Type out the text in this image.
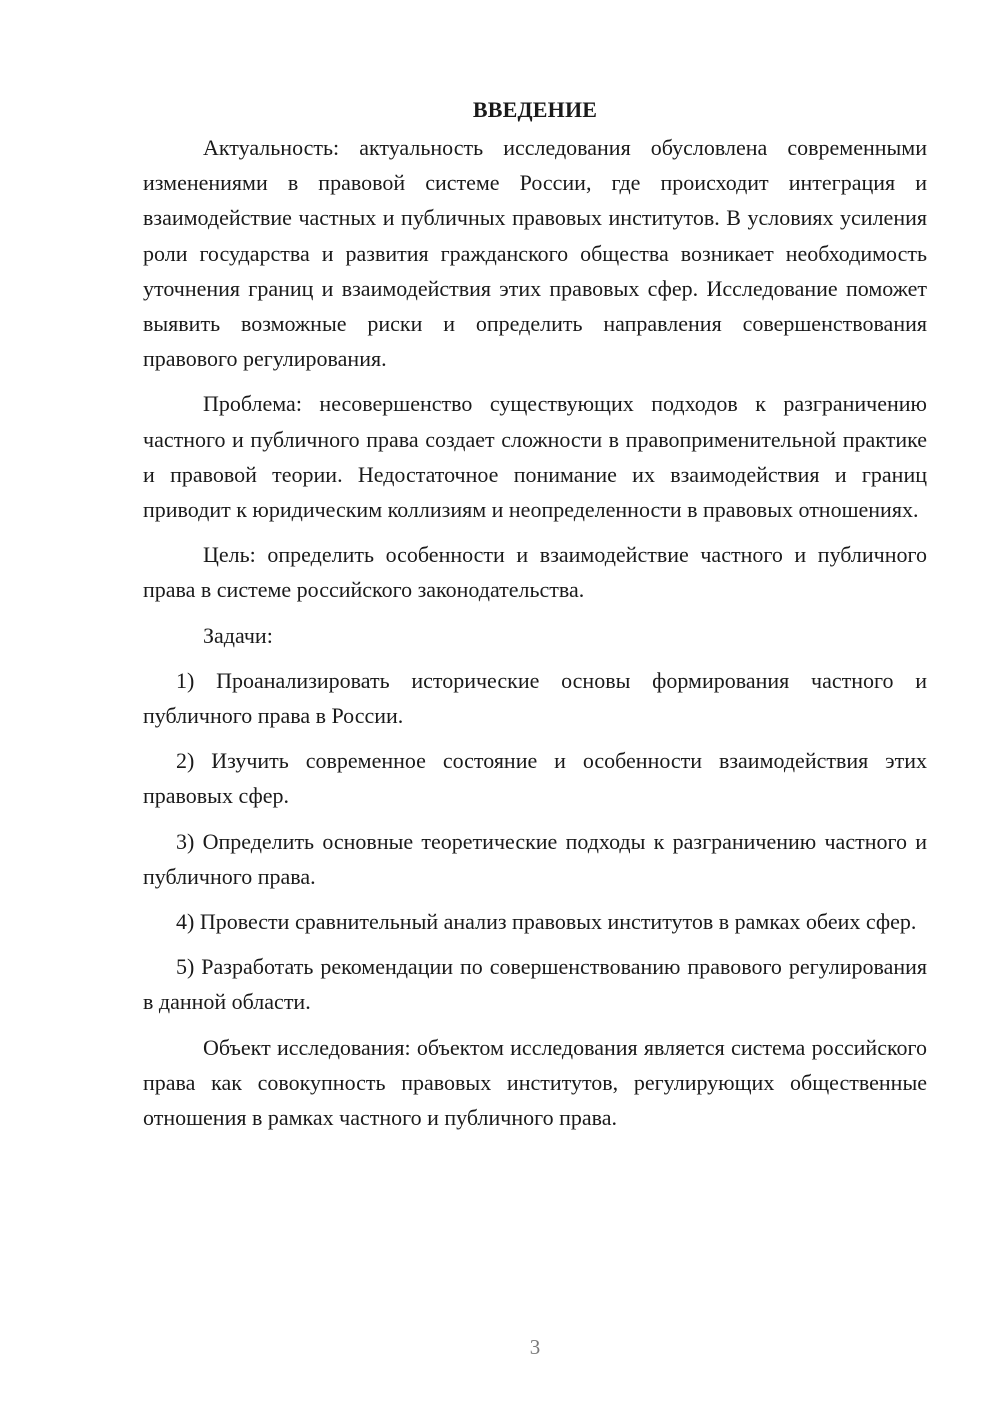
ВВЕДЕНИЕ

Актуальность: актуальность исследования обусловлена современными изменениями в правовой системе России, где происходит интеграция и взаимодействие частных и публичных правовых институтов. В условиях усиления роли государства и развития гражданского общества возникает необходимость уточнения границ и взаимодействия этих правовых сфер. Исследование поможет выявить возможные риски и определить направления совершенствования правового регулирования.

Проблема: несовершенство существующих подходов к разграничению частного и публичного права создает сложности в правоприменительной практике и правовой теории. Недостаточное понимание их взаимодействия и границ приводит к юридическим коллизиям и неопределенности в правовых отношениях.

Цель: определить особенности и взаимодействие частного и публичного права в системе российского законодательства.

Задачи:

1) Проанализировать исторические основы формирования частного и публичного права в России.

2) Изучить современное состояние и особенности взаимодействия этих правовых сфер.

3) Определить основные теоретические подходы к разграничению частного и публичного права.

4) Провести сравнительный анализ правовых институтов в рамках обеих сфер.

5) Разработать рекомендации по совершенствованию правового регулирования в данной области.

Объект исследования: объектом исследования является система российского права как совокупность правовых институтов, регулирующих общественные отношения в рамках частного и публичного права.

3
